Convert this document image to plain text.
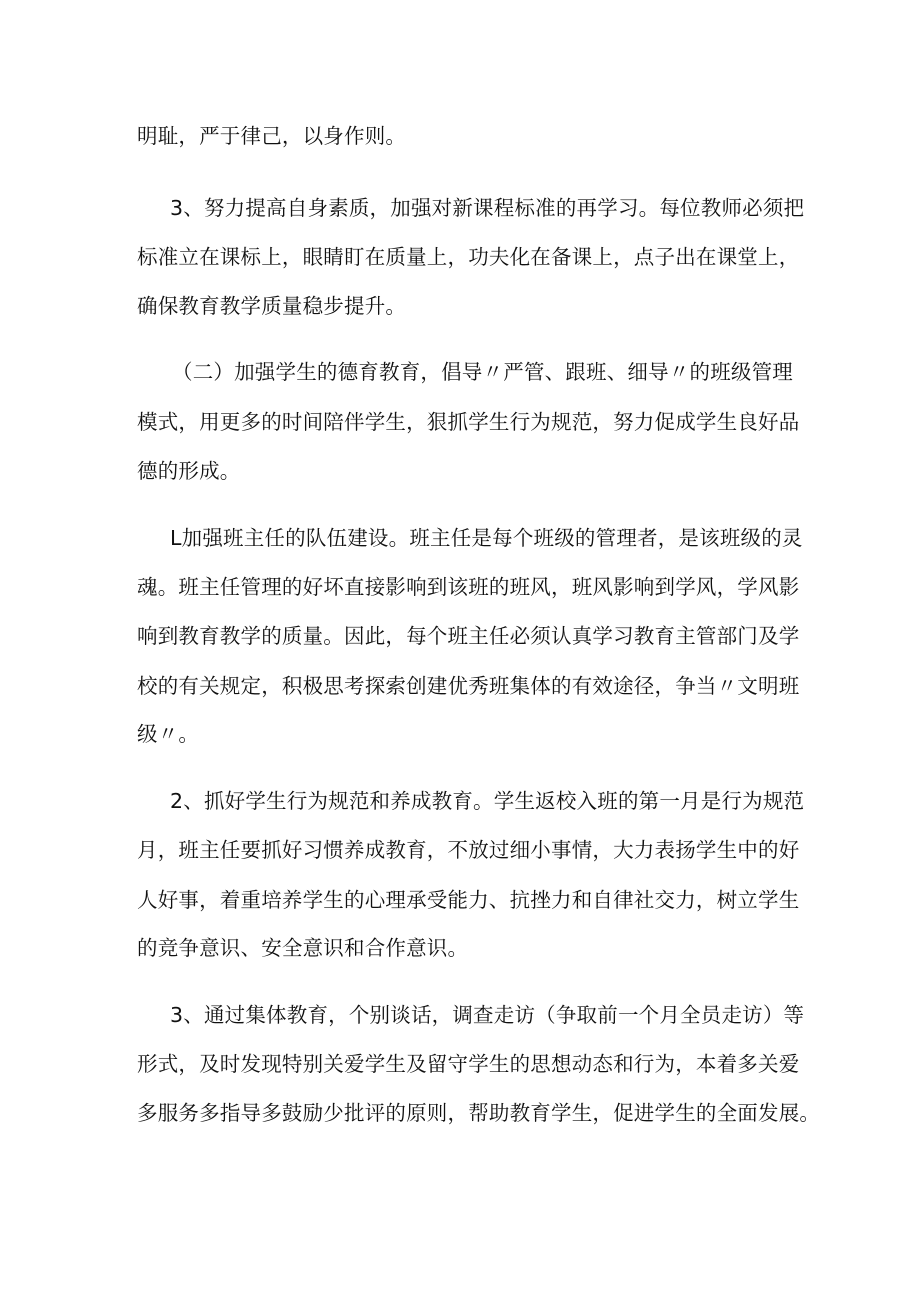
明耻，严于律己，以身作则。
3、努力提高自身素质，加强对新课程标准的再学习。每位教师必须把
标准立在课标上，眼睛盯在质量上，功夫化在备课上，点子出在课堂上，
确保教育教学质量稳步提升。
（二）加强学生的德育教育，倡导〃严管、跟班、细导〃的班级管理
模式，用更多的时间陪伴学生，狠抓学生行为规范，努力促成学生良好品
德的形成。
L加强班主任的队伍建设。班主任是每个班级的管理者，是该班级的灵
魂。班主任管理的好坏直接影响到该班的班风，班风影响到学风，学风影
响到教育教学的质量。因此，每个班主任必须认真学习教育主管部门及学
校的有关规定，积极思考探索创建优秀班集体的有效途径，争当〃文明班
级〃。
2、抓好学生行为规范和养成教育。学生返校入班的第一月是行为规范
月，班主任要抓好习惯养成教育，不放过细小事情，大力表扬学生中的好
人好事，着重培养学生的心理承受能力、抗挫力和自律社交力，树立学生
的竞争意识、安全意识和合作意识。
3、通过集体教育，个别谈话，调查走访（争取前一个月全员走访）等
形式，及时发现特别关爱学生及留守学生的思想动态和行为，本着多关爱
多服务多指导多鼓励少批评的原则，帮助教育学生，促进学生的全面发展。
